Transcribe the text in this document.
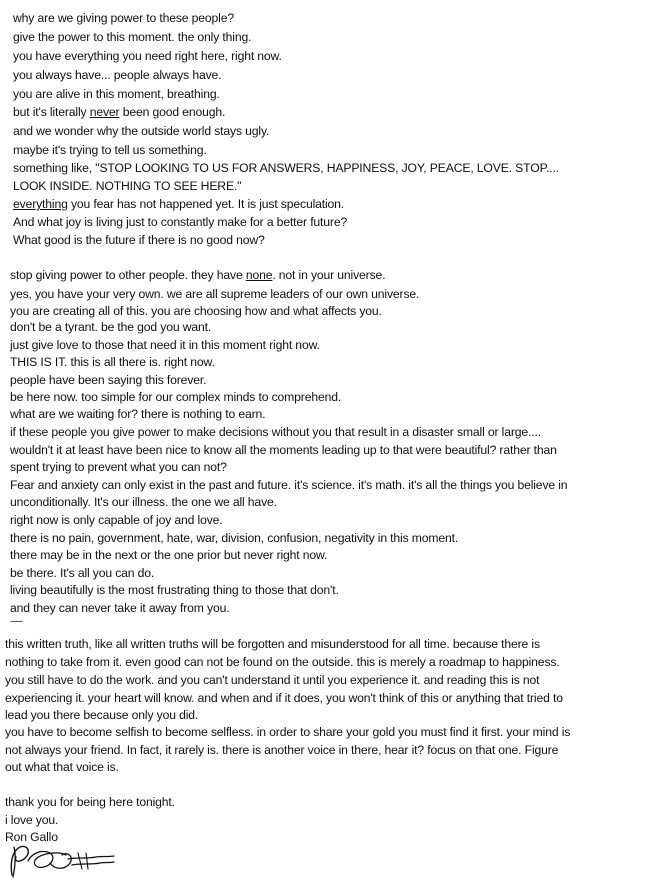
why are we giving power to these people?
give the power to this moment. the only thing.
you have everything you need right here, right now.
you always have... people always have.
you are alive in this moment, breathing.
but it's literally never been good enough.
and we wonder why the outside world stays ugly.
maybe it's trying to tell us something.
something like, "STOP LOOKING TO US FOR ANSWERS, HAPPINESS, JOY, PEACE, LOVE. STOP....
LOOK INSIDE. NOTHING TO SEE HERE."
everything you fear has not happened yet. It is just speculation.
And what joy is living just to constantly make for a better future?
What good is the future if there is no good now?
stop giving power to other people. they have none. not in your universe.
yes, you have your very own. we are all supreme leaders of our own universe.
you are creating all of this. you are choosing how and what affects you.
don't be a tyrant. be the god you want.
just give love to those that need it in this moment right now.
THIS IS IT. this is all there is. right now.
people have been saying this forever.
be here now. too simple for our complex minds to comprehend.
what are we waiting for? there is nothing to earn.
if these people you give power to make decisions without you that result in a disaster small or large....
wouldn't it at least have been nice to know all the moments leading up to that were beautiful? rather than
spent trying to prevent what you can not?
Fear and anxiety can only exist in the past and future. it's science. it's math. it's all the things you believe in
unconditionally. It's our illness. the one we all have.
right now is only capable of joy and love.
there is no pain, government, hate, war, division, confusion, negativity in this moment.
there may be in the next or the one prior but never right now.
be there. It's all you can do.
living beautifully is the most frustrating thing to those that don't.
and they can never take it away from you.
------
this written truth, like all written truths will be forgotten and misunderstood for all time. because there is
nothing to take from it. even good can not be found on the outside. this is merely a roadmap to happiness.
you still have to do the work. and you can't understand it until you experience it. and reading this is not
experiencing it. your heart will know. and when and if it does, you won't think of this or anything that tried to
lead you there because only you did.
you have to become selfish to become selfless. in order to share your gold you must find it first. your mind is
not always your friend. In fact, it rarely is. there is another voice in there, hear it? focus on that one. Figure
out what that voice is.
thank you for being here tonight.
i love you.
Ron Gallo
